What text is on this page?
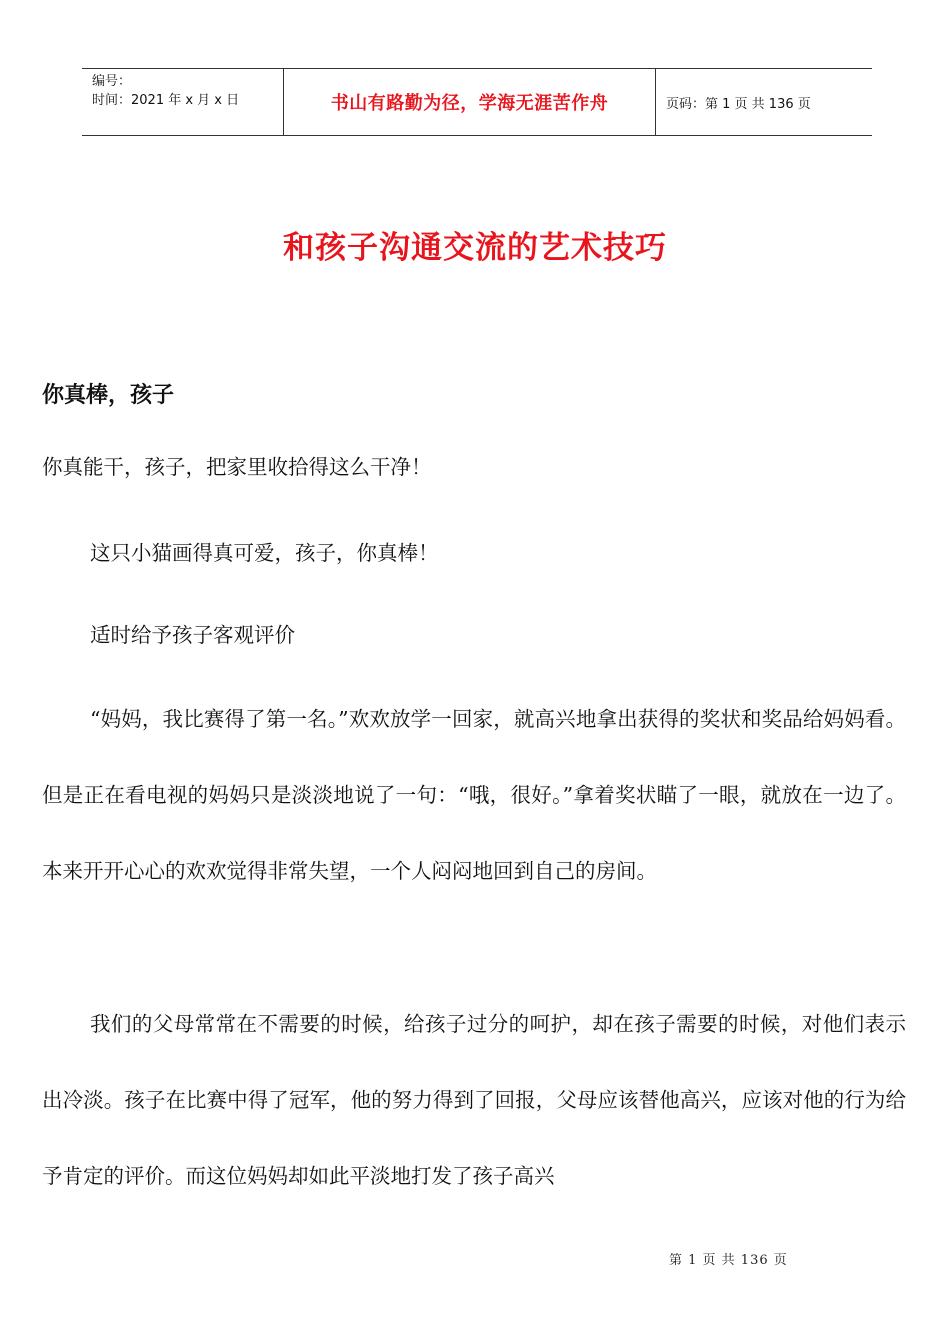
编号：
时间：2021 年 x 月 x 日	书山有路勤为径，学海无涯苦作舟	页码：第 1 页 共 136 页
和孩子沟通交流的艺术技巧
你真棒，孩子

你真能干，孩子，把家里收拾得这么干净！

这只小猫画得真可爱，孩子，你真棒！

适时给予孩子客观评价

“妈妈，我比赛得了第一名。”欢欢放学一回家，就高兴地拿出获得的奖状和奖品给妈妈看。但是正在看电视的妈妈只是淡淡地说了一句：“哦，很好。”拿着奖状瞄了一眼，就放在一边了。本来开开心心的欢欢觉得非常失望，一个人闷闷地回到自己的房间。

我们的父母常常在不需要的时候，给孩子过分的呵护，却在孩子需要的时候，对他们表示出冷淡。孩子在比赛中得了冠军，他的努力得到了回报，父母应该替他高兴，应该对他的行为给予肯定的评价。而这位妈妈却如此平淡地打发了孩子高兴

第 1 页 共 136 页
